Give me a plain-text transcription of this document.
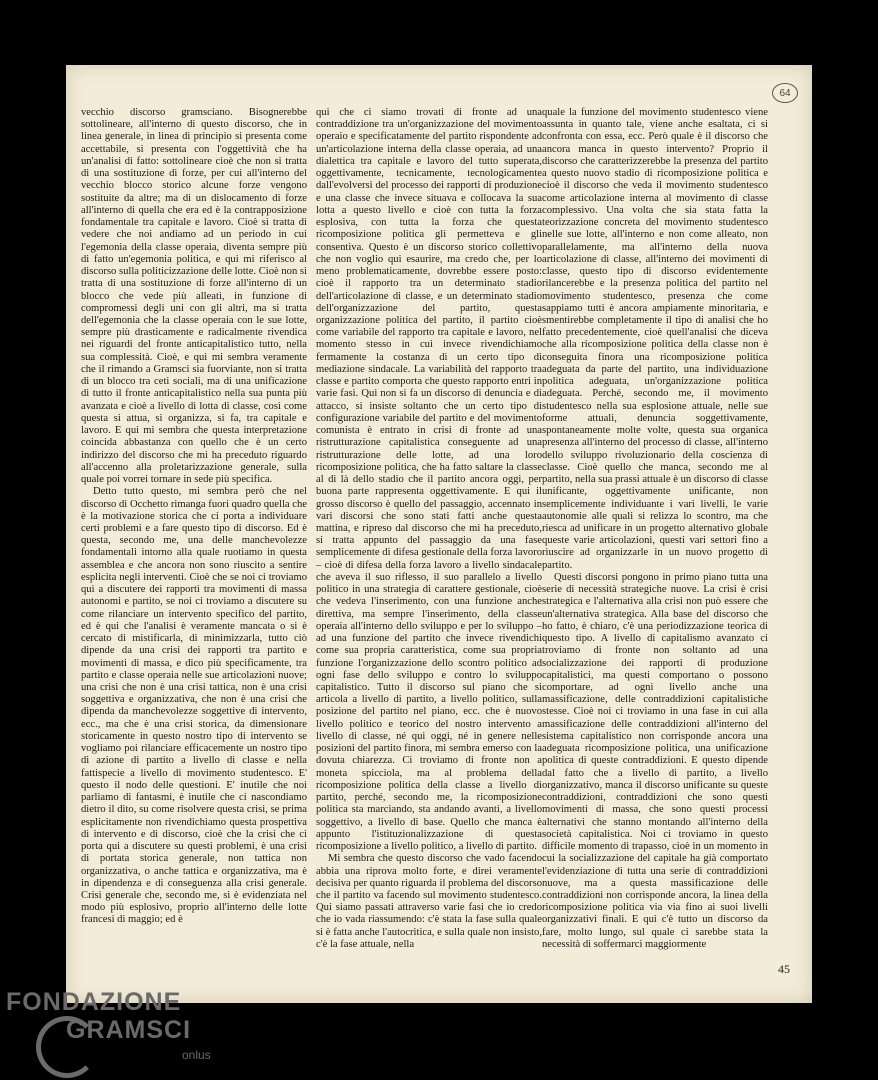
64

vecchio discorso gramsciano. Bisognerebbe sottolineare, all'interno di questo discorso, che in linea generale, in linea di principio si presenta come accettabile, si presenta con l'oggettività che ha un'analisi di fatto: sottolineare cioè che non si tratta di una sostituzione di forze, per cui all'interno del vecchio blocco storico alcune forze vengono sostituite da altre; ma di un dislocamento di forze all'interno di quella che era ed è la contrapposizione fondamentale tra capitale e lavoro. Cioè si tratta di vedere che noi andiamo ad un periodo in cui l'egemonia della classe operaia, diventa sempre più di fatto un'egemonia politica, e qui mi riferisco al discorso sulla politicizzazione delle lotte. Cioè non si tratta di una sostituzione di forze all'interno di un blocco che vede più alleati, in funzione di compromessi degli uni con gli altri, ma si tratta dell'egemonia che la classe operaia con le sue lotte, sempre più drasticamente e radicalmente rivendica nei riguardi del fronte anticapitalistico tutto, nella sua complessità. Cioè, e qui mi sembra veramente che il rimando a Gramsci sia fuorviante, non si tratta di un blocco tra ceti sociali, ma di una unificazione di tutto il fronte anticapitalistico nella sua punta più avanzata e cioè a livello di lotta di classe, così come questa si attua, si organizza, si fa, tra capitale e lavoro. E qui mi sembra che questa interpretazione coincida abbastanza con quello che è un certo indirizzo del discorso che mi ha preceduto riguardo all'accenno alla proletarizzazione generale, sulla quale poi vorrei tornare in sede più specifica.

Detto tutto questo, mi sembra però che nel discorso di Occhetto rimanga fuori quadro quella che è la motivazione storica che ci porta a individuare certi problemi e a fare questo tipo di discorso. Ed è questa, secondo me, una delle manchevolezze fondamentali intorno alla quale ruotiamo in questa assemblea e che ancora non sono riuscito a sentire esplicita negli interventi. Cioè che se noi ci troviamo qui a discutere dei rapporti tra movimenti di massa autonomi e partito, se noi ci troviamo a discutere su come rilanciare un intervento specifico del partito, ed è qui che l'analisi è veramente mancata o si è cercato di mistificarla, di minimizzarla, tutto ciò dipende da una crisi dei rapporti tra partito e movimenti di massa, e dico più specificamente, tra partito e classe operaia nelle sue articolazioni nuove; una crisi che non è una crisi tattica, non è una crisi soggettiva e organizzativa, che non è una crisi che dipenda da manchevolezze soggettive di intervento, ecc., ma che è una crisi storica, da dimensionare storicamente in questo nostro tipo di intervento se vogliamo poi rilanciare efficacemente un nostro tipo di azione di partito a livello di classe e nella fattispecie a livello di movimento studentesco. E' questo il nodo delle questioni. E' inutile che noi parliamo di fantasmi, è inutile che ci nascondiamo dietro il dito, su come risolvere questa crisi, se prima esplicitamente non rivendichiamo questa prospettiva di intervento e di discorso, cioè che la crisi che ci porta qui a discutere su questi problemi, è una crisi di portata storica generale, non tattica non organizzativa, o anche tattica e organizzativa, ma è in dipendenza e di conseguenza alla crisi generale. Crisi generale che, secondo me, si è evidenziata nel modo più esplosivo, proprio all'interno delle lotte francesi di maggio; ed è

qui che ci siamo trovati di fronte ad una contraddizione tra un'organizzazione del movimento operaio e specificatamente del partito rispondente ad un'articolazione interna della classe operaia, ad una dialettica tra capitale e lavoro del tutto superata, oggettivamente, tecnicamente, tecnologicamente dall'evolversi del processo dei rapporti di produzione e una classe che invece situava e collocava la sua lotta a questo livello e cioè con tutta la forza esplosiva, con tutta la forza che questa ricomposizione politica gli permetteva e gli consentiva. Questo è un discorso storico collettivo che non voglio qui esaurire, ma credo che, per lo meno problematicamente, dovrebbe essere posto: cioè il rapporto tra un determinato stadio dell'articolazione di classe, e un determinato stadio dell'organizzazione del partito, questa organizzazione politica del partito, il partito cioè come variabile del rapporto tra capitale e lavoro, nel momento stesso in cui invece rivendichiamo fermamente la costanza di un certo tipo di mediazione sindacale. La variabilità del rapporto tra classe e partito comporta che questo rapporto entri in varie fasi. Qui non si fa un discorso di denuncia e di attacco, si insiste soltanto che un certo tipo di configurazione variabile del partito e del movimento comunista è entrato in crisi di fronte ad una ristrutturazione capitalistica conseguente ad una ristrutturazione delle lotte, ad una loro ricomposizione politica, che ha fatto saltare la classe al di là dello stadio che il partito ancora oggi, per buona parte rappresenta oggettivamente. E qui il grosso discorso è quello del passaggio, accennato in vari discorsi che sono stati fatti anche questa mattina, e ripreso dal discorso che mi ha preceduto, si tratta appunto del passaggio da una fase semplicemente di difesa gestionale della forza lavoro – cioè di difesa della forza lavoro a livello sindacale che aveva il suo riflesso, il suo parallelo a livello politico in una strategia di carattere gestionale, cioè che vedeva l'inserimento, con una funzione anche direttiva, ma sempre l'inserimento, della classe operaia all'interno dello sviluppo e per lo sviluppo – ad una funzione del partito che invece rivendichi come sua propria caratteristica, come sua propria funzione l'organizzazione dello scontro politico ad ogni fase dello sviluppo e contro lo sviluppo capitalistico. Tutto il discorso sul piano che si articola a livello di partito, a livello politico, sulla posizione del partito nel piano, ecc. che è nuovo livello politico e teorico del nostro intervento a livello di classe, né qui oggi, né in genere nelle posizioni del partito finora, mi sembra emerso con la dovuta chiarezza. Ci troviamo di fronte non a moneta spicciola, ma al problema della ricomposizione politica della classe a livello di partito, perché, secondo me, la ricomposizione politica sta marciando, sta andando avanti, a livello soggettivo, a livello di base. Quello che manca è appunto l'istituzionalizzazione di questa ricomposizione a livello politico, a livello di partito.

Mi sembra che questo discorso che vado facendo abbia una riprova molto forte, e direi veramente decisiva per quanto riguarda il problema del discorso che il partito va facendo sul movimento studentesco. Qui siamo passati attraverso varie fasi che io credo che io vada riassumendo: c'è stata la fase sulla quale si è fatta anche l'autocritica, e sulla quale non insisto, c'è la fase attuale, nella

quale la funzione del movimento studentesco viene assunta in quanto tale, viene anche esaltata, ci si confronta con essa, ecc. Però quale è il discorso che ancora manca in questo intervento? Proprio il discorso che caratterizzerebbe la presenza del partito a questo nuovo stadio di ricomposizione politica e cioè il discorso che veda il movimento studentesco come articolazione interna al movimento di classe complessivo. Una volta che sia stata fatta la teorizzazione concreta del movimento studentesco nelle sue lotte, all'interno e non come alleato, non parallelamente, ma all'interno della nuova articolazione di classe, all'interno dei movimenti di classe, questo tipo di discorso evidentemente rilancerebbe e la presenza politica del partito nel movimento studentesco, presenza che come sappiamo tutti è ancora ampiamente minoritaria, e smentirebbe completamente il tipo di analisi che ho fatto precedentemente, cioè quell'analisi che diceva che alla ricomposizione politica della classe non è conseguita finora una ricomposizione politica adeguata da parte del partito, una individuazione politica adeguata, un'organizzazione politica adeguata. Perché, secondo me, il movimento studentesco nella sua esplosione attuale, nelle sue forme attuali, denuncia soggettivamente, spontaneamente molte volte, questa sua organica presenza all'interno del processo di classe, all'interno dello sviluppo rivoluzionario della coscienza di classe. Cioè quello che manca, secondo me al partito, nella sua prassi attuale è un discorso di classe unificante, oggettivamente unificante, non semplicemente individuante i vari livelli, le varie autonomie alle quali si relizza lo scontro, ma che riesca ad unificare in un progetto alternativo globale queste varie articolazioni, questi vari settori fino a riuscire ad organizzarle in un nuovo progetto di partito.

Questi discorsi pongono in primo piano tutta una serie di necessità strategiche nuove. La crisi è crisi strategica e l'alternativa alla crisi non può essere che un'alternativa strategica. Alla base del discorso che ho fatto, è chiaro, c'è una periodizzazione teorica di questo tipo. A livello di capitalismo avanzato ci troviamo di fronte non soltanto ad una socializzazione dei rapporti di produzione capitalistici, ma questi comportano o possono comportare, ad ogni livello anche una massificazione, delle contraddizioni capitalistiche stesse. Cioè noi ci troviamo in una fase in cui alla massificazione delle contraddizioni all'interno del sistema capitalistico non corrisponde ancora una adeguata ricomposizione politica, una unificazione politica di queste contraddizioni. E questo dipende dal fatto che a livello di partito, a livello organizzativo, manca il discorso unificante su queste contraddizioni, contraddizioni che sono questi movimenti di massa, che sono questi processi alternativi che stanno montando all'interno della società capitalistica. Noi ci troviamo in questo difficile momento di trapasso, cioè in un momento in cui la socializzazione del capitale ha già comportato l'evidenziazione di tutta una serie di contraddizioni nuove, ma a questa massificazione delle contraddizioni non corrisponde ancora, la linea della ricomposizione politica via via fino ai suoi livelli organizzativi finali. E qui c'è tutto un discorso da fare, molto lungo, sul quale ci sarebbe stata la necessità di soffermarci maggiormente

45
FONDAZIONE
GRAMSCI
onlus
